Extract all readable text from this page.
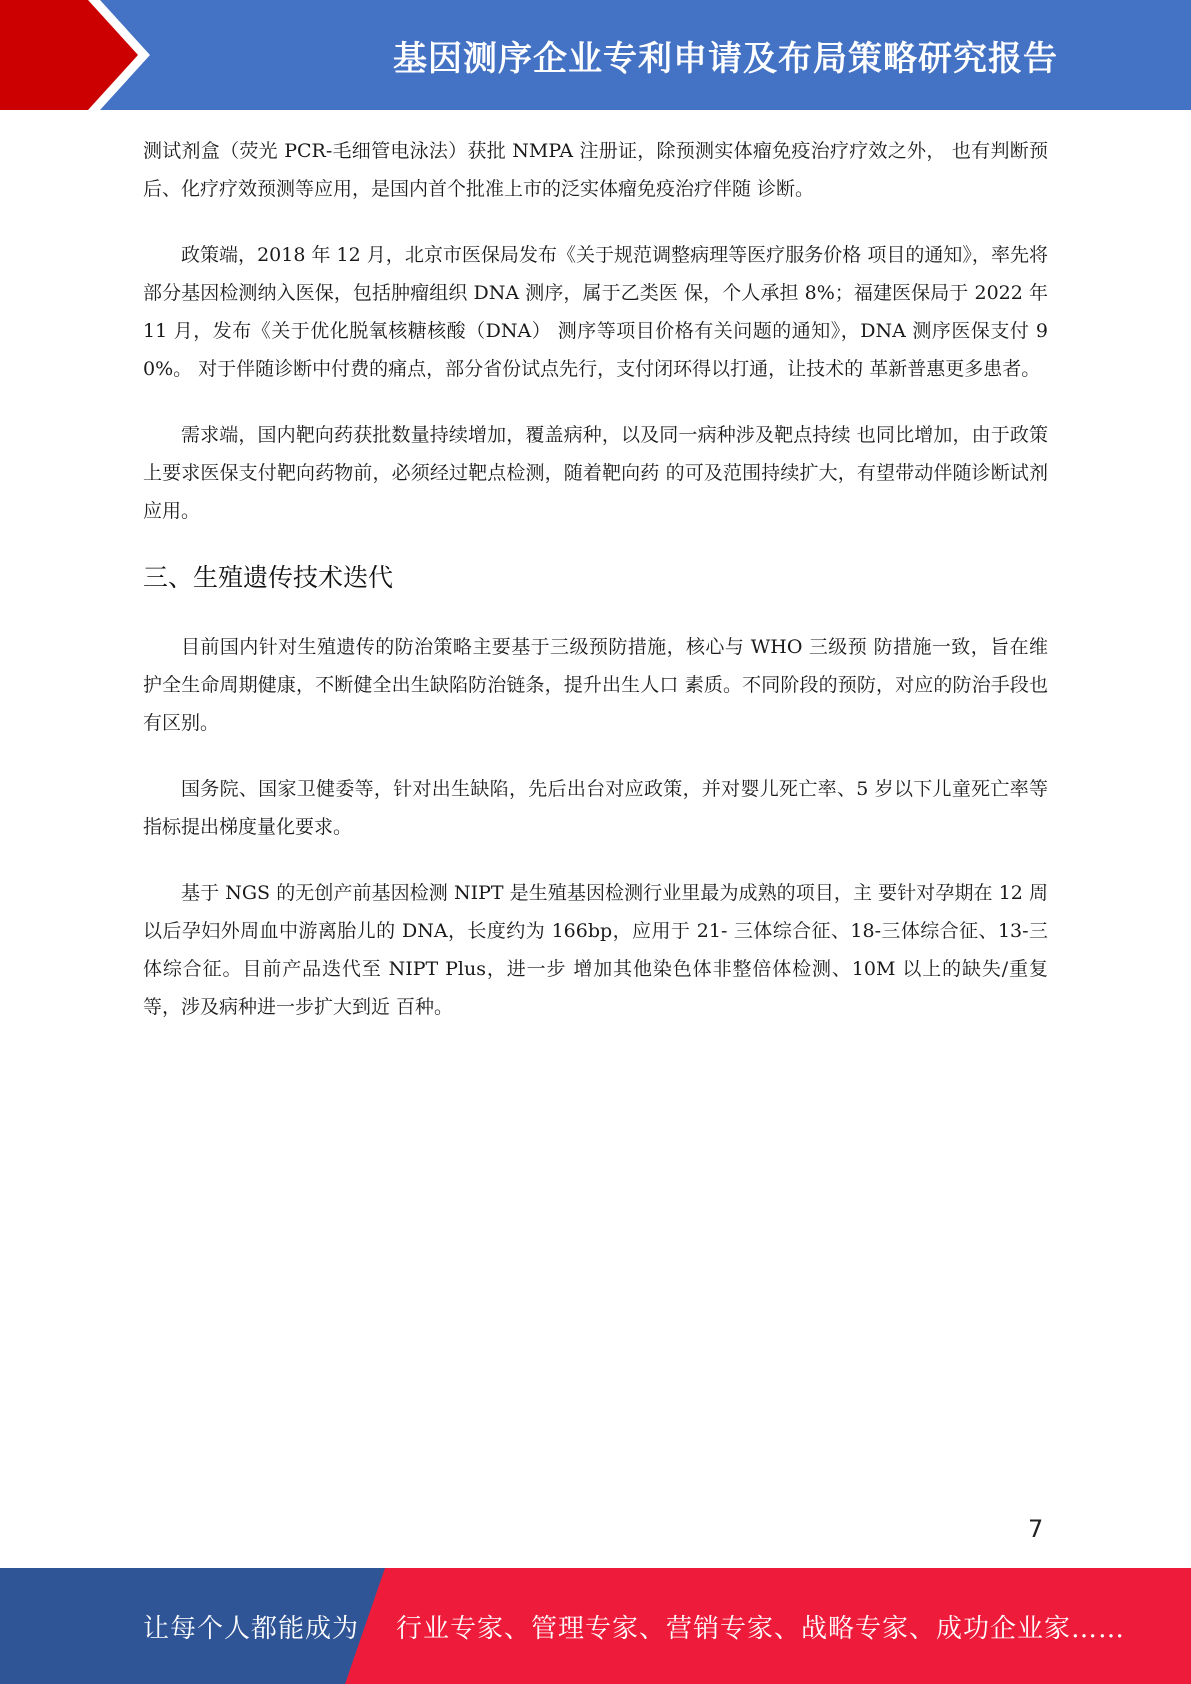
基因测序企业专利申请及布局策略研究报告

测试剂盒（荧光 PCR-毛细管电泳法）获批 NMPA 注册证，除预测实体瘤免疫治疗疗效之外， 也有判断预后、化疗疗效预测等应用，是国内首个批准上市的泛实体瘤免疫治疗伴随 诊断。

政策端，2018 年 12 月，北京市医保局发布《关于规范调整病理等医疗服务价格 项目的通知》，率先将部分基因检测纳入医保，包括肿瘤组织 DNA 测序，属于乙类医 保，个人承担 8%；福建医保局于 2022 年 11 月，发布《关于优化脱氧核糖核酸（DNA） 测序等项目价格有关问题的通知》，DNA 测序医保支付 90%。 对于伴随诊断中付费的痛点，部分省份试点先行，支付闭环得以打通，让技术的 革新普惠更多患者。

需求端，国内靶向药获批数量持续增加，覆盖病种，以及同一病种涉及靶点持续 也同比增加，由于政策上要求医保支付靶向药物前，必须经过靶点检测，随着靶向药 的可及范围持续扩大，有望带动伴随诊断试剂应用。

三、生殖遗传技术迭代

目前国内针对生殖遗传的防治策略主要基于三级预防措施，核心与 WHO 三级预 防措施一致，旨在维护全生命周期健康，不断健全出生缺陷防治链条，提升出生人口 素质。不同阶段的预防，对应的防治手段也有区别。

国务院、国家卫健委等，针对出生缺陷，先后出台对应政策，并对婴儿死亡率、5 岁以下儿童死亡率等指标提出梯度量化要求。

基于 NGS 的无创产前基因检测 NIPT 是生殖基因检测行业里最为成熟的项目，主 要针对孕期在 12 周以后孕妇外周血中游离胎儿的 DNA，长度约为 166bp，应用于 21- 三体综合征、18-三体综合征、13-三体综合征。目前产品迭代至 NIPT Plus，进一步 增加其他染色体非整倍体检测、10M 以上的缺失/重复等，涉及病种进一步扩大到近 百种。

7
让每个人都能成为 行业专家、管理专家、营销专家、战略专家、成功企业家……
